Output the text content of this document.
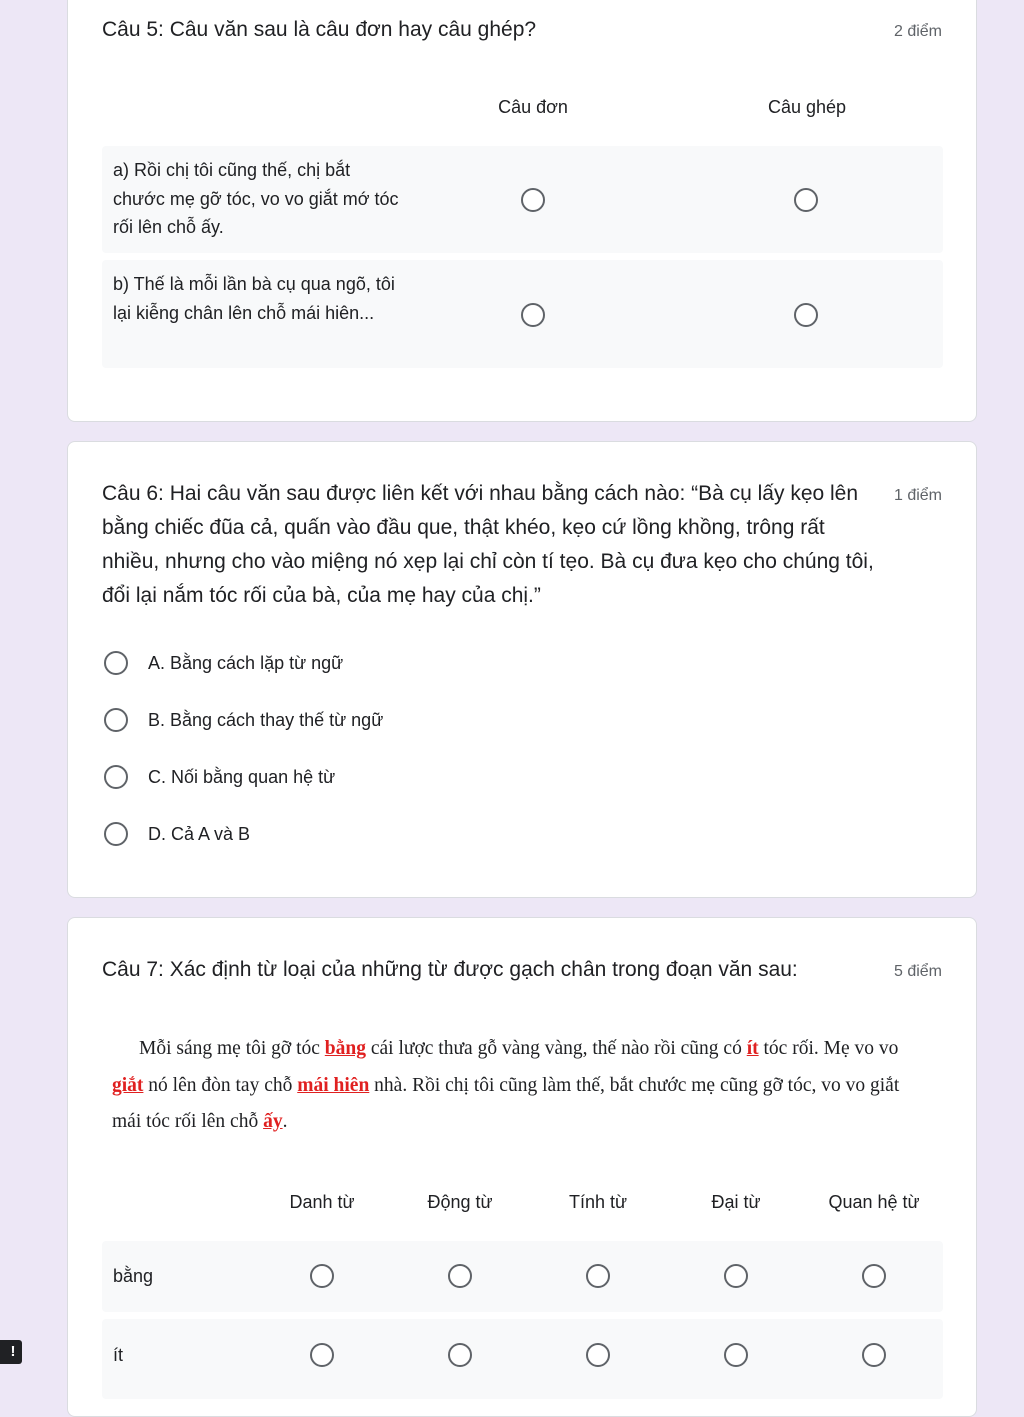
Câu 5: Câu văn sau là câu đơn hay câu ghép?	2 điểm
Câu đơn	Câu ghép
a) Rồi chị tôi cũng thế, chị bắt chước mẹ gỡ tóc, vo vo giắt mớ tóc rối lên chỗ ấy.
b) Thế là mỗi lần bà cụ qua ngõ, tôi lại kiễng chân lên chỗ mái hiên...
Câu 6: Hai câu văn sau được liên kết với nhau bằng cách nào: “Bà cụ lấy kẹo lên bằng chiếc đũa cả, quấn vào đầu que, thật khéo, kẹo cứ lồng khồng, trông rất nhiều, nhưng cho vào miệng nó xẹp lại chỉ còn tí tẹo. Bà cụ đưa kẹo cho chúng tôi, đổi lại nắm tóc rối của bà, của mẹ hay của chị.”
1 điểm
A. Bằng cách lặp từ ngữ
B. Bằng cách thay thế từ ngữ
C. Nối bằng quan hệ từ
D. Cả A và B
Câu 7: Xác định từ loại của những từ được gạch chân trong đoạn văn sau:	5 điểm
Mỗi sáng mẹ tôi gỡ tóc bằng cái lược thưa gỗ vàng vàng, thế nào rồi cũng có ít tóc rối. Mẹ vo vo giắt nó lên đòn tay chỗ mái hiên nhà. Rồi chị tôi cũng làm thế, bắt chước mẹ cũng gỡ tóc, vo vo giắt mái tóc rối lên chỗ ấy.
Danh từ	Động từ	Tính từ	Đại từ	Quan hệ từ
bằng
ít
!
